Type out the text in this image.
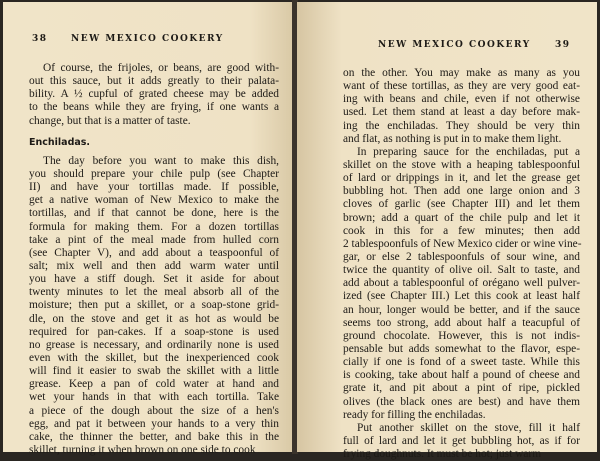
38	NEW MEXICO COOKERY
Of course, the frijoles, or beans, are good with-
out this sauce, but it adds greatly to their palata-
bility. A ½ cupful of grated cheese may be added
to the beans while they are frying, if one wants a
change, but that is a matter of taste.
Enchiladas.
The day before you want to make this dish,
you should prepare your chile pulp (see Chapter
II) and have your tortillas made. If possible,
get a native woman of New Mexico to make the
tortillas, and if that cannot be done, here is the
formula for making them. For a dozen tortillas
take a pint of the meal made from hulled corn
(see Chapter V), and add about a teaspoonful of
salt; mix well and then add warm water until
you have a stiff dough. Set it aside for about
twenty minutes to let the meal absorb all of the
moisture; then put a skillet, or a soap-stone grid-
dle, on the stove and get it as hot as would be
required for pan-cakes. If a soap-stone is used
no grease is necessary, and ordinarily none is used
even with the skillet, but the inexperienced cook
will find it easier to swab the skillet with a little
grease. Keep a pan of cold water at hand and
wet your hands in that with each tortilla. Take
a piece of the dough about the size of a hen's
egg, and pat it between your hands to a very thin
cake, the thinner the better, and bake this in the
skillet, turning it when brown on one side to cook
NEW MEXICO COOKERY	39
on the other. You may make as many as you
want of these tortillas, as they are very good eat-
ing with beans and chile, even if not otherwise
used. Let them stand at least a day before mak-
ing the enchiladas. They should be very thin
and flat, as nothing is put in to make them light.
In preparing sauce for the enchiladas, put a
skillet on the stove with a heaping tablespoonful
of lard or drippings in it, and let the grease get
bubbling hot. Then add one large onion and 3
cloves of garlic (see Chapter III) and let them
brown; add a quart of the chile pulp and let it
cook in this for a few minutes; then add
2 tablespoonfuls of New Mexico cider or wine vine-
gar, or else 2 tablespoonfuls of sour wine, and
twice the quantity of olive oil. Salt to taste, and
add about a tablespoonful of orégano well pulver-
ized (see Chapter III.) Let this cook at least half
an hour, longer would be better, and if the sauce
seems too strong, add about half a teacupful of
ground chocolate. However, this is not indis-
pensable but adds somewhat to the flavor, espe-
cially if one is fond of a sweet taste. While this
is cooking, take about half a pound of cheese and
grate it, and pit about a pint of ripe, pickled
olives (the black ones are best) and have them
ready for filling the enchiladas.
Put another skillet on the stove, fill it half
full of lard and let it get bubbling hot, as if for
frying doughnuts. It must be hot; just warm
